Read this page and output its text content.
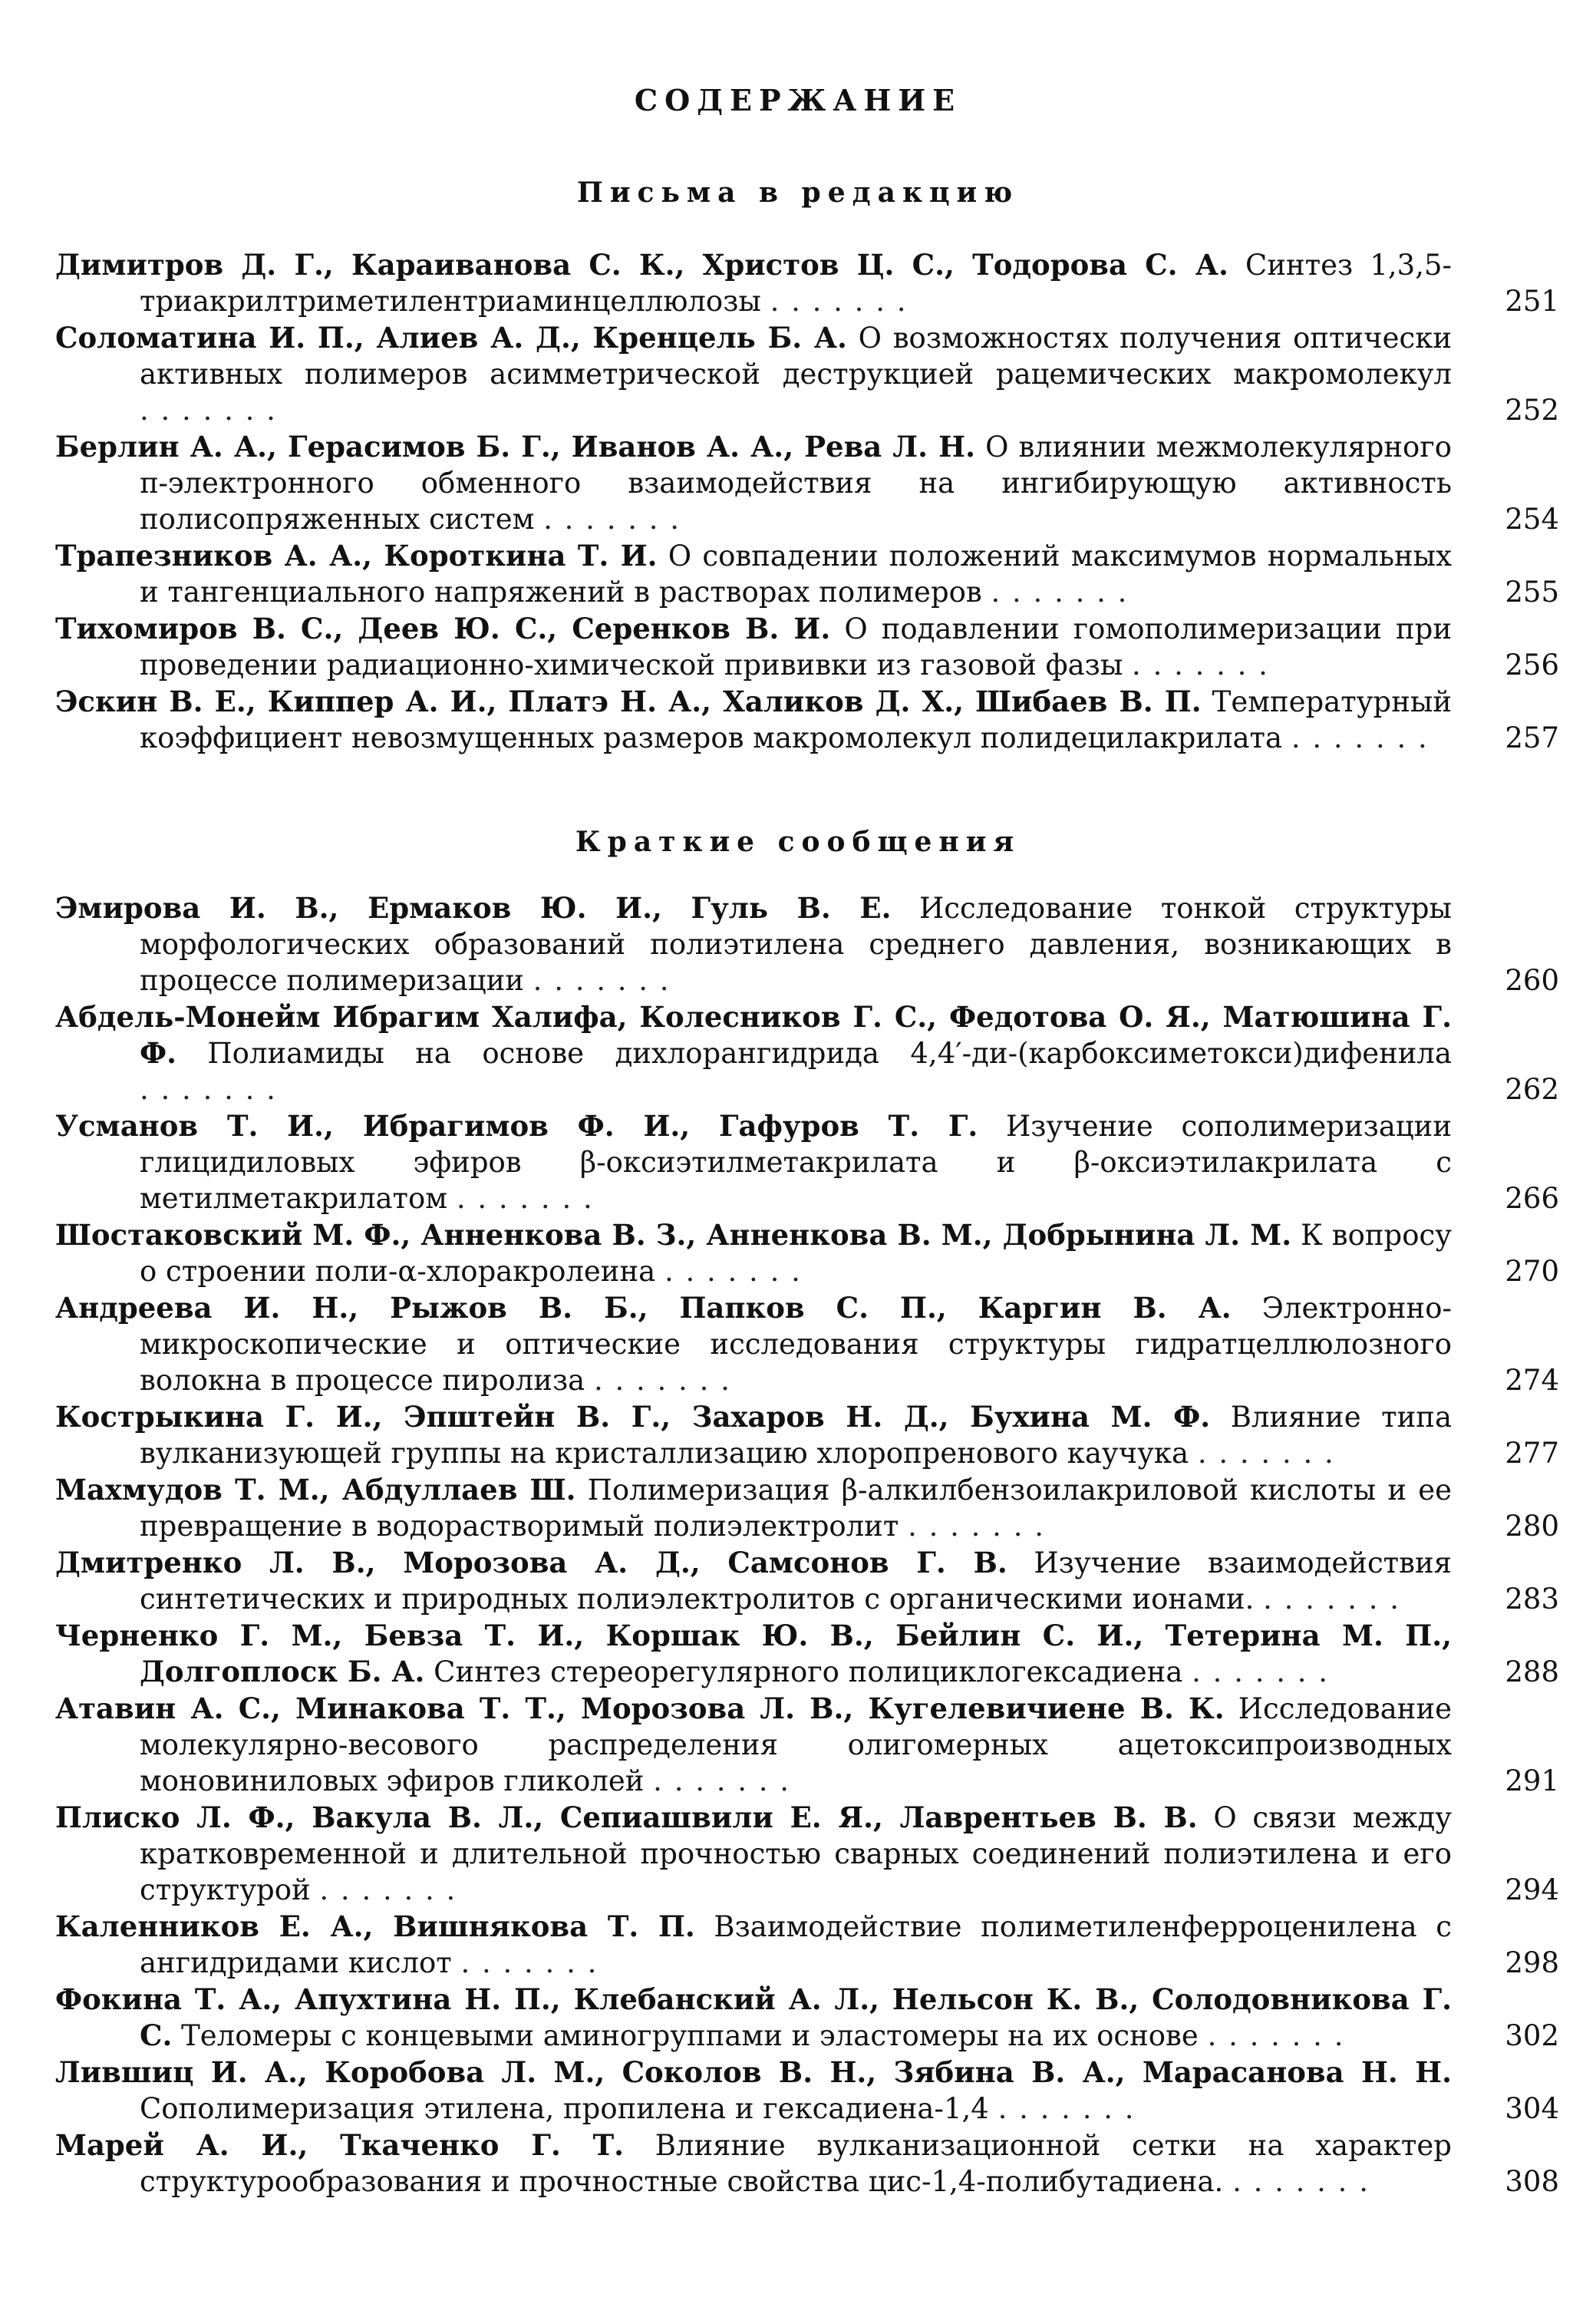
СОДЕРЖАНИЕ
Письма в редакцию
Димитров Д. Г., Караиванова С. К., Христов Ц. С., Тодорова С. А. Синтез 1,3,5-триакрилтриметилентриаминцеллюлозы . . . . . . .	251
Соломатина И. П., Алиев А. Д., Кренцель Б. А. О возможностях получения оптически активных полимеров асимметрической деструкцией рацемических макромолекул . . . . . . .	252
Берлин А. А., Герасимов Б. Г., Иванов А. А., Рева Л. Н. О влиянии межмолекулярного π-электронного обменного взаимодействия на ингибирующую активность полисопряженных систем . . . . . . .	254
Трапезников А. А., Короткина Т. И. О совпадении положений максимумов нормальных и тангенциального напряжений в растворах полимеров . . . . . . .	255
Тихомиров В. С., Деев Ю. С., Серенков В. И. О подавлении гомополимеризации при проведении радиационно-химической прививки из газовой фазы . . . . . . .	256
Эскин В. Е., Киппер А. И., Платэ Н. А., Халиков Д. Х., Шибаев В. П. Температурный коэффициент невозмущенных размеров макромолекул полидецилакрилата . . . . . . .	257
Краткие сообщения
Эмирова И. В., Ермаков Ю. И., Гуль В. Е. Исследование тонкой структуры морфологических образований полиэтилена среднего давления, возникающих в процессе полимеризации . . . . . . .	260
Абдель-Монейм Ибрагим Халифа, Колесников Г. С., Федотова О. Я., Матюшина Г. Ф. Полиамиды на основе дихлорангидрида 4,4′-ди-(карбоксиметокси)дифенила . . . . . . .	262
Усманов Т. И., Ибрагимов Ф. И., Гафуров Т. Г. Изучение сополимеризации глицидиловых эфиров β-оксиэтилметакрилата и β-оксиэтилакрилата с метилметакрилатом . . . . . . .	266
Шостаковский М. Ф., Анненкова В. З., Анненкова В. М., Добрынина Л. М. К вопросу о строении поли-α-хлоракролеина . . . . . . .	270
Андреева И. Н., Рыжов В. Б., Папков С. П., Каргин В. А. Электронно-микроскопические и оптические исследования структуры гидратцеллюлозного волокна в процессе пиролиза . . . . . . .	274
Кострыкина Г. И., Эпштейн В. Г., Захаров Н. Д., Бухина М. Ф. Влияние типа вулканизующей группы на кристаллизацию хлоропренового каучука . . . . . . .	277
Махмудов Т. М., Абдуллаев Ш. Полимеризация β-алкилбензоилакриловой кислоты и ее превращение в водорастворимый полиэлектролит . . . . . . .	280
Дмитренко Л. В., Морозова А. Д., Самсонов Г. В. Изучение взаимодействия синтетических и природных полиэлектролитов с органическими ионами. . . . . . . .	283
Черненко Г. М., Бевза Т. И., Коршак Ю. В., Бейлин С. И., Тетерина М. П., Долгоплоск Б. А. Синтез стереорегулярного полициклогексадиена . . . . . . .	288
Атавин А. С., Минакова Т. Т., Морозова Л. В., Кугелевичиене В. К. Исследование молекулярно-весового распределения олигомерных ацетоксипроизводных моновиниловых эфиров гликолей . . . . . . .	291
Плиско Л. Ф., Вакула В. Л., Сепиашвили Е. Я., Лаврентьев В. В. О связи между кратковременной и длительной прочностью сварных соединений полиэтилена и его структурой . . . . . . .	294
Каленников Е. А., Вишнякова Т. П. Взаимодействие полиметиленферроценилена с ангидридами кислот . . . . . . .	298
Фокина Т. А., Апухтина Н. П., Клебанский А. Л., Нельсон К. В., Солодовникова Г. С. Теломеры с концевыми аминогруппами и эластомеры на их основе . . . . . . .	302
Лившиц И. А., Коробова Л. М., Соколов В. Н., Зябина В. А., Марасанова Н. Н. Сополимеризация этилена, пропилена и гексадиена-1,4 . . . . . . .	304
Марей А. И., Ткаченко Г. Т. Влияние вулканизационной сетки на характер структурообразования и прочностные свойства цис-1,4-полибутадиена. . . . . . . .	308
